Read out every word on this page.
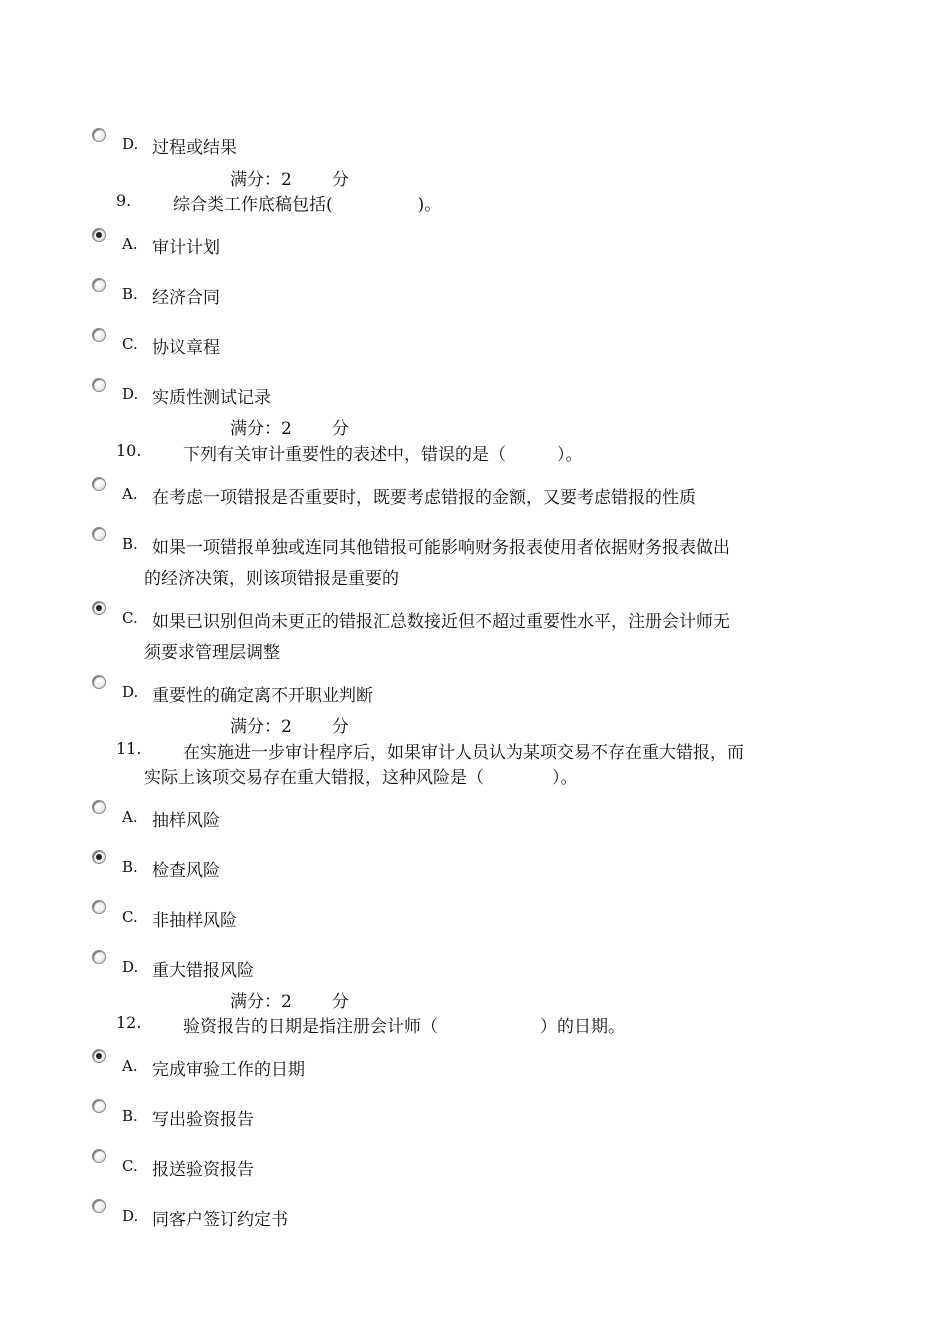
D. 过程或结果
满分：2 分
9. 综合类工作底稿包括(　　　　　)。
A. 审计计划
B. 经济合同
C. 协议章程
D. 实质性测试记录
满分：2 分
10. 下列有关审计重要性的表述中，错误的是（　　　）。
A. 在考虑一项错报是否重要时，既要考虑错报的金额，又要考虑错报的性质
B. 如果一项错报单独或连同其他错报可能影响财务报表使用者依据财务报表做出
的经济决策，则该项错报是重要的
C. 如果已识别但尚未更正的错报汇总数接近但不超过重要性水平，注册会计师无
须要求管理层调整
D. 重要性的确定离不开职业判断
满分：2 分
11. 在实施进一步审计程序后，如果审计人员认为某项交易不存在重大错报，而
实际上该项交易存在重大错报，这种风险是（　　　　）。
A. 抽样风险
B. 检查风险
C. 非抽样风险
D. 重大错报风险
满分：2 分
12. 验资报告的日期是指注册会计师（　　　　　　）的日期。
A. 完成审验工作的日期
B. 写出验资报告
C. 报送验资报告
D. 同客户签订约定书
